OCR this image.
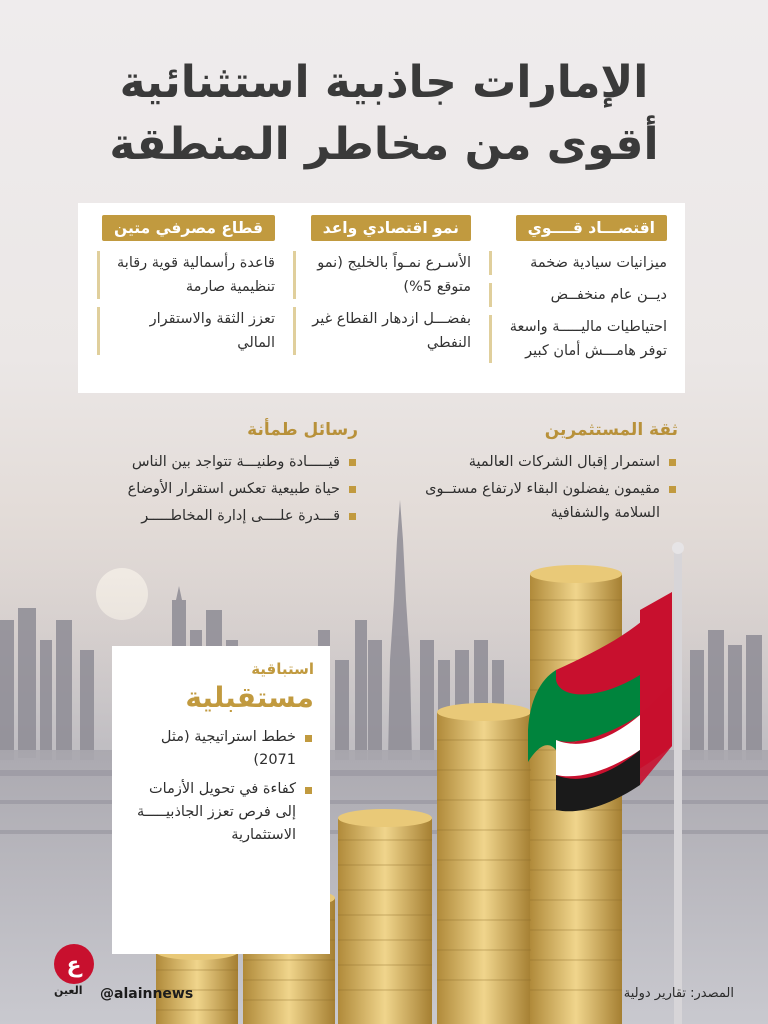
الإمارات جاذبية استثنائية
أقوى من مخاطر المنطقة
اقتصـــاد قــــوي
ميزانيات سيادية ضخمة
ديــن عام منخفــض
احتياطيات ماليـــــة واسعة توفر هامـــش أمان كبير
نمو اقتصادي واعد
الأسـرع نمـواً بالخليج (نمو متوقع 5%)
بفضـــل ازدهار القطاع غير النفطي
قطاع مصرفي متين
قاعدة رأسمالية قوية رقابة تنظيمية صارمة
تعزز الثقة والاستقرار المالي
ثقة المستثمرين
استمرار إقبال الشركات العالمية
مقيمون يفضلون البقاء لارتفاع مستــوى السلامة والشفافية
رسائل طمأنة
قيـــــادة وطنيـــة تتواجد بين الناس
حياة طبيعية تعكس استقرار الأوضاع
قـــدرة علــــى إدارة المخاطـــــر
استباقية
مستقبلية
خطط استراتيجية (مثل 2071)
كفاءة في تحويل الأزمات إلى فرص تعزز الجاذبيـــــة الاستثمارية
ع
العين @alainnews	المصدر: تقارير دولية
